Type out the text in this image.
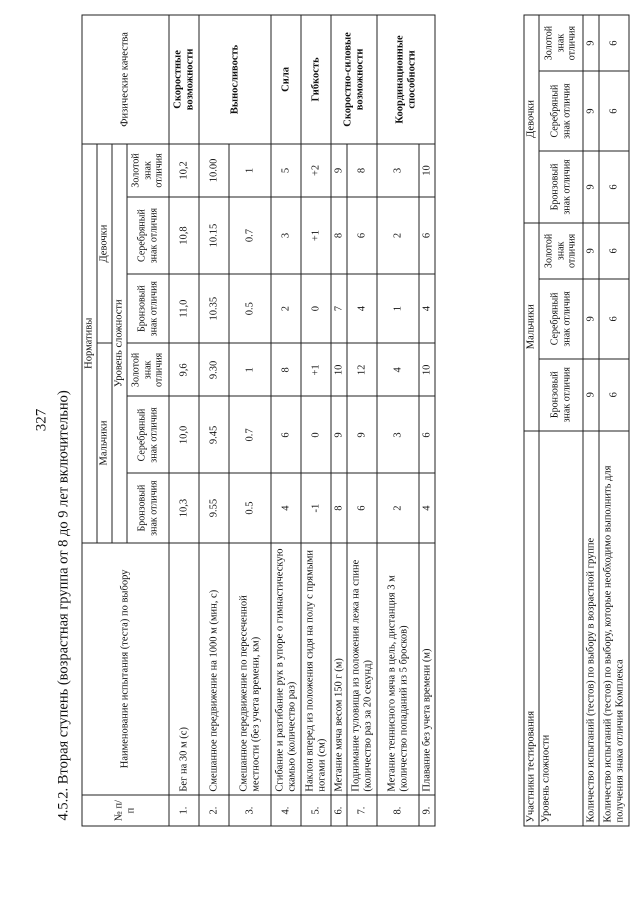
327 4.5.2. Вторая ступень (возрастная группа от 8 до 9 лет включительно)	№ п/п	Наименование испытания (теста) по выбору	Нормативы						Физические качества
		Мальчики			Девочки			
		Уровень сложности						
		Бронзовый знак отличия	Серебряный знак отличия	Золотой знак отличия	Бронзовый знак отличия	Серебряный знак отличия	Золотой знак отличия	
1.	Бег на 30 м (с)	10,3	10,0	9,6	11,0	10,8	10,2	Скоростные возможности
2.	Смешанное передвижение на 1000 м (мин, с)	9.55	9.45	9.30	10.35	10.15	10.00	Выносливость
3.	Смешанное передвижение по пересеченной местности (без учета времени, км)	0.5	0.7	1	0.5	0.7	1	
4.	Сгибание и разгибание рук в упоре о гимнастическую скамью (количество раз)	4	6	8	2	3	5	Сила
5.	Наклон вперед из положения сидя на полу с прямыми ногами (см)	-1	0	+1	0	+1	+2	Гибкость
6.	Метание мяча весом 150 г (м)	8	9	10	7	8	9	Скоростно-силовые возможности
7.	Поднимание туловища из положения лежа на спине (количество раз за 20 секунд)	6	9	12	4	6	8	
8.	Метание теннисного мяча в цель, дистанция 3 м (количество попаданий из 5 бросков)	2	3	4	1	2	3	Координационные способности
9.	Плавание без учета времени (м)	4	6	10	4	6	10	
Участники тестирования	Мальчики			Девочки		
Уровень сложности	Бронзовый знак отличия	Серебряный знак отличия	Золотой знак отличия	Бронзовый знак отличия	Серебряный знак отличия	Золотой знак отличия
Количество испытаний (тестов) по выбору в возрастной группе	9	9	9	9	9	9
Количество испытаний (тестов) по выбору, которые необходимо выполнить для получения знака отличия Комплекса	6	6	6	6	6	6
